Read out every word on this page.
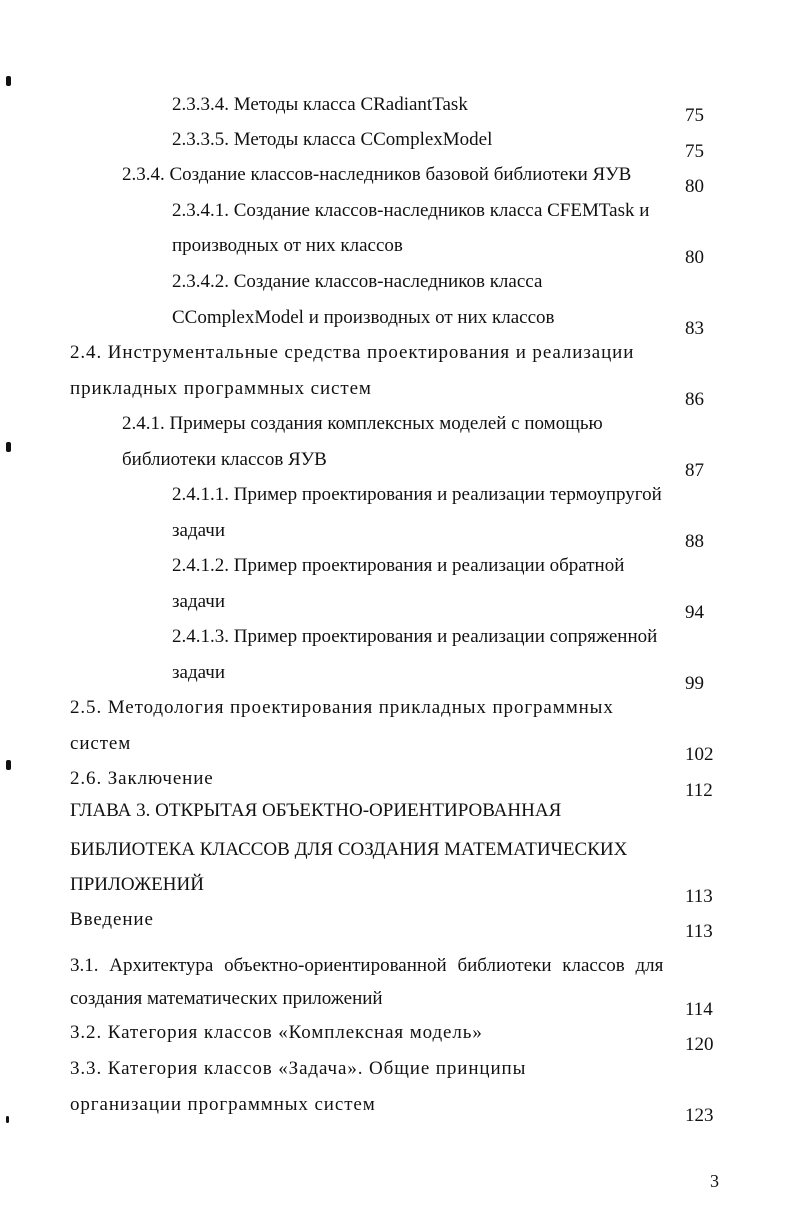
2.3.3.4. Методы класса CRadiantTask
75
2.3.3.5. Методы класса CComplexModel
75
2.3.4. Создание классов-наследников базовой библиотеки ЯУВ
80
2.3.4.1. Создание классов-наследников класса CFEMTask и
производных от них классов
80
2.3.4.2. Создание классов-наследников класса
CComplexModel и производных от них классов
83
2.4. Инструментальные средства проектирования и реализации
прикладных программных систем
86
2.4.1. Примеры создания комплексных моделей с помощью
библиотеки классов ЯУВ
87
2.4.1.1. Пример проектирования и реализации термоупругой
задачи
88
2.4.1.2. Пример проектирования и реализации обратной
задачи
94
2.4.1.3. Пример проектирования и реализации сопряженной
задачи
99
2.5. Методология проектирования прикладных программных
систем
102
2.6. Заключение
112
ГЛАВА 3. ОТКРЫТАЯ ОБЪЕКТНО-ОРИЕНТИРОВАННАЯ
БИБЛИОТЕКА КЛАССОВ ДЛЯ СОЗДАНИЯ МАТЕМАТИЧЕСКИХ
ПРИЛОЖЕНИЙ
113
Введение
113
3.1. Архитектура объектно-ориентированной библиотеки классов для
создания математических приложений
114
3.2. Категория классов «Комплексная модель»
120
3.3. Категория классов «Задача». Общие принципы
организации программных систем
123
3
